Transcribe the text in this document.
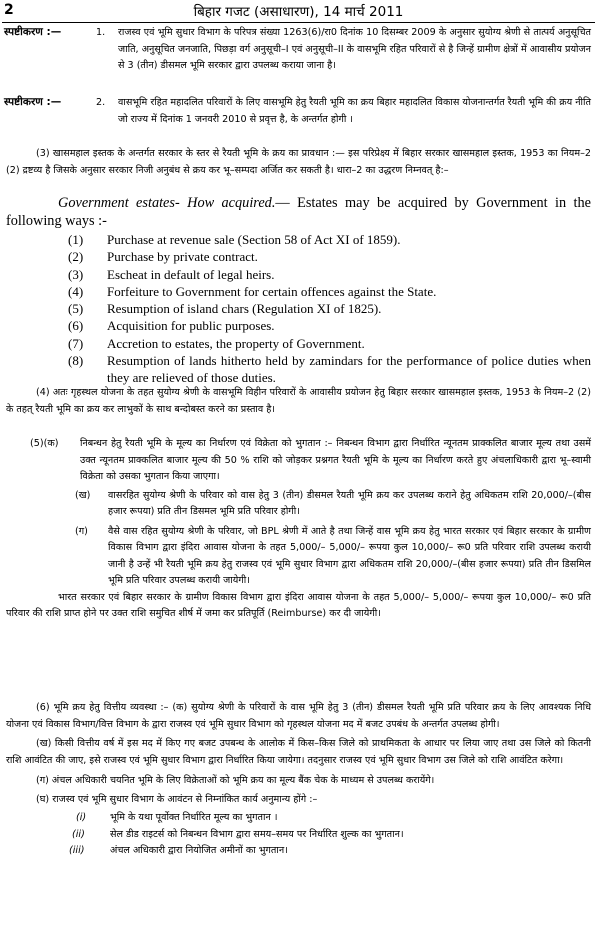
2	बिहार गजट (असाधारण), 14 मार्च 2011
स्पष्टीकरण :—	1. राजस्व एवं भूमि सुधार विभाग के परिपत्र संख्या 1263(6)/रा0 दिनांक 10 दिसम्बर 2009 के अनुसार सुयोग्य श्रेणी से तात्पर्य अनुसूचित जाति, अनुसूचित जनजाति, पिछड़ा वर्ग अनुसूची–I एवं अनुसूची–II के वासभूमि रहित परिवारों से है जिन्हें ग्रामीण क्षेत्रों में आवासीय प्रयोजन से 3 (तीन) डीसमल भूमि सरकार द्वारा उपलब्ध कराया जाना है।

स्पष्टीकरण :—	2. वासभूमि रहित महादलित परिवारों के लिए वासभूमि हेतु रैयती भूमि का क्रय बिहार महादलित विकास योजनान्तर्गत रैयती भूमि की क्रय नीति जो राज्य में दिनांक 1 जनवरी 2010 से प्रवृत्त है, के अन्तर्गत होगी ।

(3) खासमहाल इस्तक के अन्तर्गत सरकार के स्तर से रैयती भूमि के क्रय का प्रावधान :— इस परिप्रेक्ष्य में बिहार सरकार खासमहाल इस्तक, 1953 का नियम–2 (2) द्रष्टव्य है जिसके अनुसार सरकार निजी अनुबंध से क्रय कर भू–सम्पदा अर्जित कर सकती है। धारा–2 का उद्धरण निम्नवत् है:–

Government estates- How acquired.— Estates may be acquired by Government in the following ways :-

(1) Purchase at revenue sale (Section 58 of Act XI of 1859).

(2) Purchase by private contract.

(3) Escheat in default of legal heirs.

(4) Forfeiture to Government for certain offences against the State.

(5) Resumption of island chars (Regulation XI of 1825).

(6) Acquisition for public purposes.

(7) Accretion to estates, the property of Government.

(8) Resumption of lands hitherto held by zamindars for the performance of police duties when they are relieved of those duties.

(4) अतः गृहस्थल योजना के तहत सुयोग्य श्रेणी के वासभूमि विहीन परिवारों के आवासीय प्रयोजन हेतु बिहार सरकार खासमहाल इस्तक, 1953 के नियम–2 (2) के तहत् रैयती भूमि का क्रय कर लाभुकों के साथ बन्दोबस्त करने का प्रस्ताव है।

(5)(क) निबन्धन हेतु रैयती भूमि के मूल्य का निर्धारण एवं विक्रेता को भुगतान :– निबन्धन विभाग द्वारा निर्धारित न्यूनतम प्राक्कलित बाजार मूल्य तथा उसमें उक्त न्यूनतम प्राक्कलित बाजार मूल्य की 50 % राशि को जोड़कर प्रश्नगत रैयती भूमि के मूल्य का निर्धारण करते हुए अंचलाधिकारी द्वारा भू–स्वामी विक्रेता को उसका भुगतान किया जाएगा।

(ख) वासरहित सुयोग्य श्रेणी के परिवार को वास हेतु 3 (तीन) डीसमल रैयती भूमि क्रय कर उपलब्ध कराने हेतु अधिकतम राशि 20,000/–(बीस हजार रूपया) प्रति तीन डिसमल भूमि प्रति परिवार होगी।

(ग) वैसे वास रहित सुयोग्य श्रेणी के परिवार, जो BPL श्रेणी में आते है तथा जिन्हें वास भूमि क्रय हेतु भारत सरकार एवं बिहार सरकार के ग्रामीण विकास विभाग द्वारा इंदिरा आवास योजना के तहत 5,000/– 5,000/– रूपया कुल 10,000/– रू0 प्रति परिवार राशि उपलब्ध करायी जानी है उन्हें भी रैयती भूमि क्रय हेतु राजस्व एवं भूमि सुधार विभाग द्वारा अधिकतम राशि 20,000/–(बीस हजार रूपया) प्रति तीन डिसमिल भूमि प्रति परिवार उपलब्ध करायी जायेगी।

भारत सरकार एवं बिहार सरकार के ग्रामीण विकास विभाग द्वारा इंदिरा आवास योजना के तहत 5,000/– 5,000/– रूपया कुल 10,000/– रू0 प्रति परिवार की राशि प्राप्त होने पर उक्त राशि समुचित शीर्ष में जमा कर प्रतिपूर्ति (Reimburse) कर दी जायेगी।

(6) भूमि क्रय हेतु वित्तीय व्यवस्था :– (क) सुयोग्य श्रेणी के परिवारों के वास भूमि हेतु 3 (तीन) डीसमल रैयती भूमि प्रति परिवार क्रय के लिए आवश्यक निधि योजना एवं विकास विभाग/वित्त विभाग के द्वारा राजस्व एवं भूमि सुधार विभाग को गृहस्थल योजना मद में बजट उपबंध के अन्तर्गत उपलब्ध होगी।

(ख) किसी वित्तीय वर्ष में इस मद में किए गए बजट उपबन्ध के आलोक में किस–किस जिले को प्राथमिकता के आधार पर लिया जाए तथा उस जिले को कितनी राशि आवंटित की जाए, इसे राजस्व एवं भूमि सुधार विभाग द्वारा निर्धारित किया जायेगा। तदनुसार राजस्व एवं भूमि सुधार विभाग उस जिले को राशि आवंटित करेगा।

(ग) अंचल अधिकारी चयनित भूमि के लिए विक्रेताओं को भूमि क्रय का मूल्य बैंक चेक के माध्यम से उपलब्ध करायेंगे।

(घ) राजस्व एवं भूमि सुधार विभाग के आवंटन से निम्नांकित कार्य अनुमान्य होंगे :–

(i) भूमि के यथा पूर्वोक्त निर्धारित मूल्य का भुगतान ।

(ii)	सेल डीड राइटर्स को निबन्धन विभाग द्वारा समय–समय पर निर्धारित शुल्क का भुगतान।

(iii)	अंचल अधिकारी द्वारा नियोजित अमीनों का भुगतान।
